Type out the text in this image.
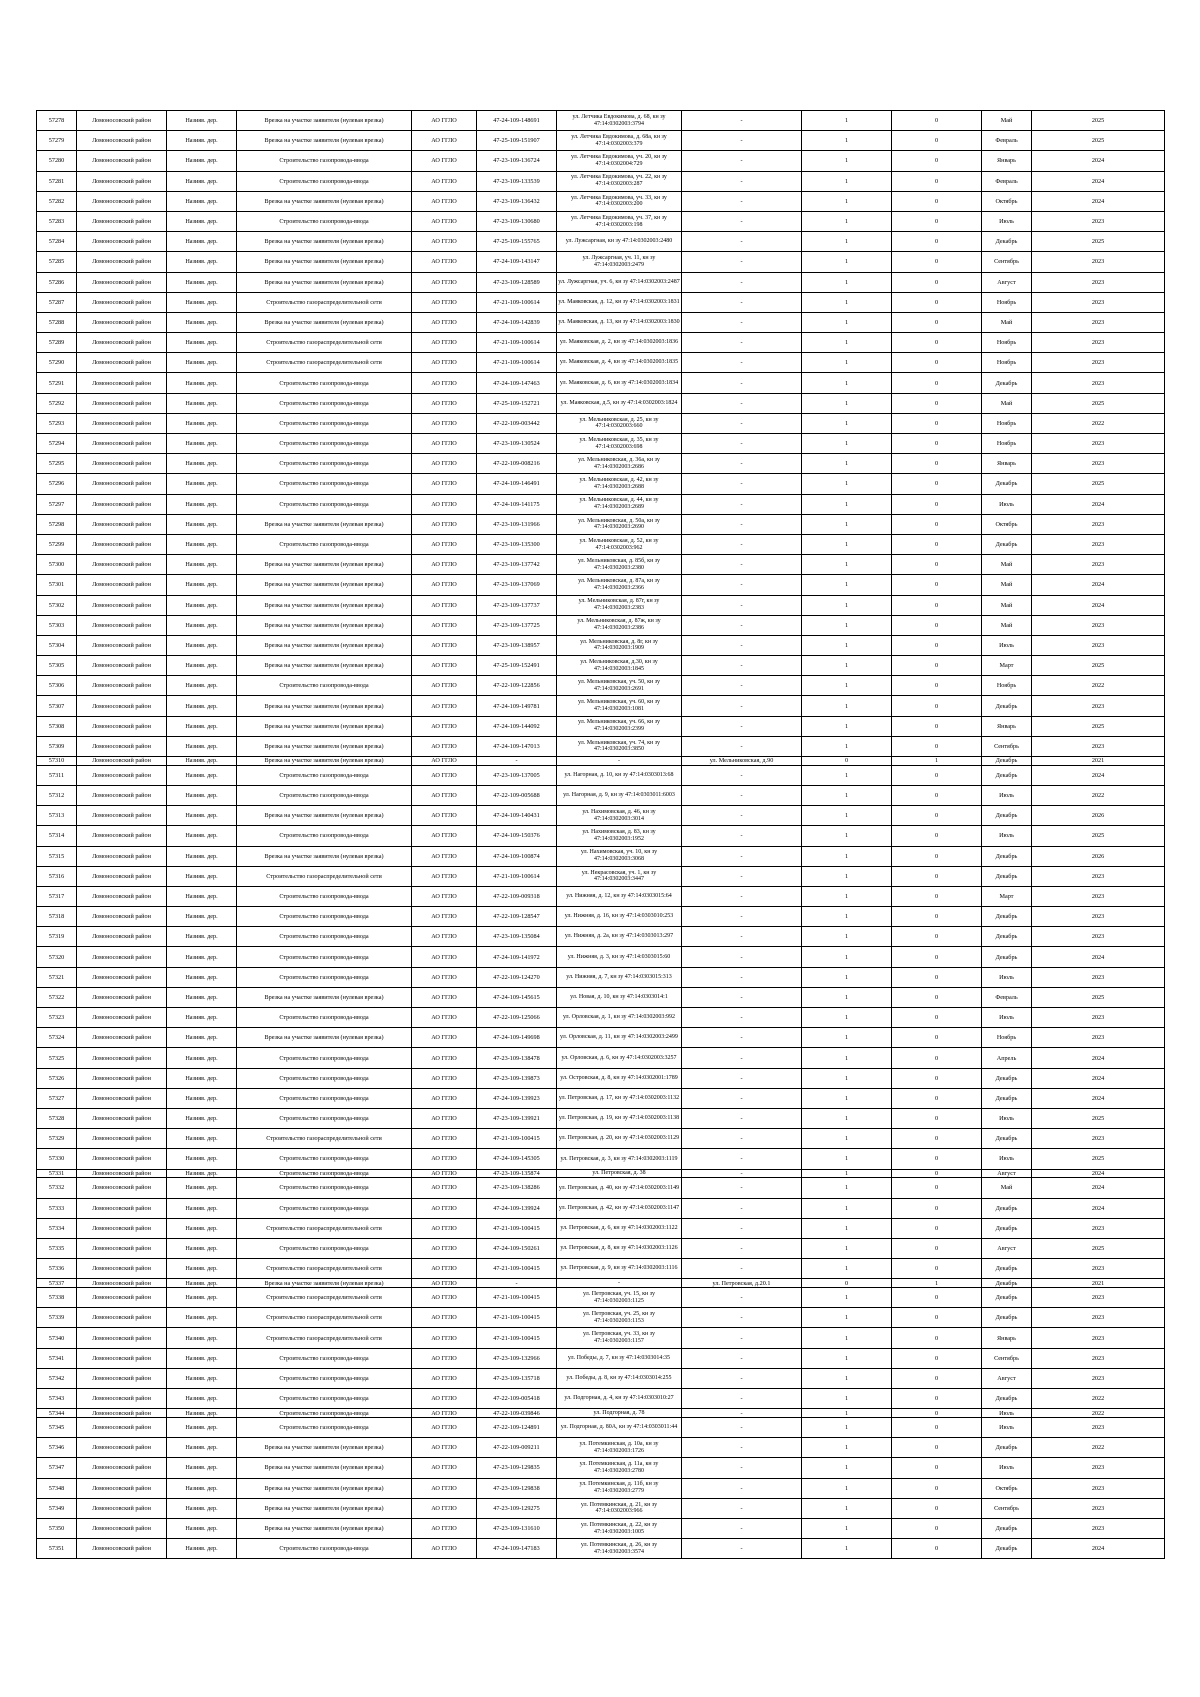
57278	Ломоносовский район	Назияв. дер.	Врезка на участке заявителя (нулевая врезка)	АО ГГЛО	47-24-109-148691	ул. Летчика Евдокимова, д. 68, кн зу 47:14:0302003:3794	-	1	0	Май	2025
57279	Ломоносовский район	Назияв. дер.	Врезка на участке заявителя (нулевая врезка)	АО ГГЛО	47-25-109-151907	ул. Летчика Евдокимова, д. 68а, кн зу 47:14:0302003:379	-	1	0	Февраль	2025
57280	Ломоносовский район	Назияв. дер.	Строительство газопровода-ввода	АО ГГЛО	47-23-109-136724	ул. Летчика Евдокимова, уч. 20, кн зу 47:14:0302004:729	-	1	0	Январь	2024
57281	Ломоносовский район	Назияв. дер.	Строительство газопровода-ввода	АО ГГЛО	47-23-109-133539	ул. Летчика Евдокимова, уч. 22, кн зу 47:14:0302003:287	-	1	0	Февраль	2024
57282	Ломоносовский район	Назияв. дер.	Врезка на участке заявителя (нулевая врезка)	АО ГГЛО	47-23-109-136432	ул. Летчика Евдокимова, уч. 33, кн зу 47:14:0302003:200	-	1	0	Октябрь	2024
57283	Ломоносовский район	Назияв. дер.	Строительство газопровода-ввода	АО ГГЛО	47-23-109-130680	ул. Летчика Евдокимова, уч. 37, кн зу 47:14:0302003:198	-	1	0	Июль	2023
57284	Ломоносовский район	Назияв. дер.	Врезка на участке заявителя (нулевая врезка)	АО ГГЛО	47-25-109-155765	ул. Лужсаргная, кн зу 47:14:0302003:2480	-	1	0	Декабрь	2025
57285	Ломоносовский район	Назияв. дер.	Врезка на участке заявителя (нулевая врезка)	АО ГГЛО	47-24-109-143147	ул. Лужсаргная, уч. 11, кн зу 47:14:0302003:2479	-	1	0	Сентябрь	2023
57286	Ломоносовский район	Назияв. дер.	Врезка на участке заявителя (нулевая врезка)	АО ГГЛО	47-23-109-128589	ул. Лужсаргная, уч. 6, кн зу 47:14:0302003:2487	-	1	0	Август	2023
57287	Ломоносовский район	Назияв. дер.	Строительство газораспределительной сети	АО ГГЛО	47-21-109-100614	ул. Маяковская, д. 12, кн зу 47:14:0302003:1831	-	1	0	Ноябрь	2023
57288	Ломоносовский район	Назияв. дер.	Врезка на участке заявителя (нулевая врезка)	АО ГГЛО	47-24-109-142839	ул. Маяковская, д. 13, кн зу 47:14:0302003:1830	-	1	0	Май	2023
57289	Ломоносовский район	Назияв. дер.	Строительство газораспределительной сети	АО ГГЛО	47-21-109-100614	ул. Маяковская, д. 2, кн зу 47:14:0302003:1836	-	1	0	Ноябрь	2023
57290	Ломоносовский район	Назияв. дер.	Строительство газораспределительной сети	АО ГГЛО	47-21-109-100614	ул. Маяковская, д. 4, кн зу 47:14:0302003:1835	-	1	0	Ноябрь	2023
57291	Ломоносовский район	Назияв. дер.	Строительство газопровода-ввода	АО ГГЛО	47-24-109-147463	ул. Маяковская, д. 6, кн зу 47:14:0302003:1834	-	1	0	Декабрь	2023
57292	Ломоносовский район	Назияв. дер.	Строительство газопровода-ввода	АО ГГЛО	47-25-109-152721	ул. Маяковская, д.5, кн зу 47:14:0302003:1824	-	1	0	Май	2025
57293	Ломоносовский район	Назияв. дер.	Строительство газопровода-ввода	АО ГГЛО	47-22-109-003442	ул. Мельниковская, д. 25, кн зу 47:14:0302003:660	-	1	0	Ноябрь	2022
57294	Ломоносовский район	Назияв. дер.	Строительство газопровода-ввода	АО ГГЛО	47-23-109-130524	ул. Мельниковская, д. 35, кн зу 47:14:0302003:698	-	1	0	Ноябрь	2023
57295	Ломоносовский район	Назияв. дер.	Строительство газопровода-ввода	АО ГГЛО	47-22-109-008216	ул. Мельниковская, д. 36а, кн зу 47:14:0302003:2686	-	1	0	Январь	2023
57296	Ломоносовский район	Назияв. дер.	Строительство газопровода-ввода	АО ГГЛО	47-24-109-146491	ул. Мельниковская, д. 42, кн зу 47:14:0302003:2688	-	1	0	Декабрь	2025
57297	Ломоносовский район	Назияв. дер.	Строительство газопровода-ввода	АО ГГЛО	47-24-109-141175	ул. Мельниковская, д. 44, кн зу 47:14:0302003:2689	-	1	0	Июль	2024
57298	Ломоносовский район	Назияв. дер.	Врезка на участке заявителя (нулевая врезка)	АО ГГЛО	47-23-109-131966	ул. Мельниковская, д. 50а, кн зу 47:14:0302003:2690	-	1	0	Октябрь	2023
57299	Ломоносовский район	Назияв. дер.	Строительство газопровода-ввода	АО ГГЛО	47-23-109-135300	ул. Мельниковская, д. 52, кн зу 47:14:0302003:962	-	1	0	Декабрь	2023
57300	Ломоносовский район	Назияв. дер.	Врезка на участке заявителя (нулевая врезка)	АО ГГЛО	47-23-109-137742	ул. Мельниковская, д. 85б, кн зу 47:14:0302003:2380	-	1	0	Май	2023
57301	Ломоносовский район	Назияв. дер.	Врезка на участке заявителя (нулевая врезка)	АО ГГЛО	47-23-109-137069	ул. Мельниковская, д. 87а, кн зу 47:14:0302003:2366	-	1	0	Май	2024
57302	Ломоносовский район	Назияв. дер.	Врезка на участке заявителя (нулевая врезка)	АО ГГЛО	47-23-109-137737	ул. Мельниковская, д. 87г, кн зу 47:14:0302003:2383	-	1	0	Май	2024
57303	Ломоносовский район	Назияв. дер.	Врезка на участке заявителя (нулевая врезка)	АО ГГЛО	47-23-109-137725	ул. Мельниковская, д. 87ж, кн зу 47:14:0302003:2386	-	1	0	Май	2023
57304	Ломоносовский район	Назияв. дер.	Врезка на участке заявителя (нулевая врезка)	АО ГГЛО	47-23-109-138957	ул. Мельниковская, д. 8г, кн зу 47:14:0302003:1909	-	1	0	Июль	2023
57305	Ломоносовский район	Назияв. дер.	Врезка на участке заявителя (нулевая врезка)	АО ГГЛО	47-25-109-152491	ул. Мельниковская, д.30, кн зу 47:14:0302003:1845	-	1	0	Март	2025
57306	Ломоносовский район	Назияв. дер.	Строительство газопровода-ввода	АО ГГЛО	47-22-109-122856	ул. Мельниковская, уч. 50, кн зу 47:14:0302003:2691	-	1	0	Ноябрь	2022
57307	Ломоносовский район	Назияв. дер.	Врезка на участке заявителя (нулевая врезка)	АО ГГЛО	47-24-109-149781	ул. Мельниковская, уч. 60, кн зу 47:14:0302003:1081	-	1	0	Декабрь	2023
57308	Ломоносовский район	Назияв. дер.	Врезка на участке заявителя (нулевая врезка)	АО ГГЛО	47-24-109-144092	ул. Мельниковская, уч. 66, кн зу 47:14:0302003:2399	-	1	0	Январь	2025
57309	Ломоносовский район	Назияв. дер.	Врезка на участке заявителя (нулевая врезка)	АО ГГЛО	47-24-109-147013	ул. Мельниковская, уч. 74, кн зу 47:14:0302003:3850	-	1	0	Сентябрь	2023
57310	Ломоносовский район	Назияв. дер.	Врезка на участке заявителя (нулевая врезка)	АО ГГЛО	-	-	ул. Мельниковская, д.90	0	1	Декабрь	2021
57311	Ломоносовский район	Назияв. дер.	Строительство газопровода-ввода	АО ГГЛО	47-23-109-137005	ул. Нагорная, д. 10, кн зу 47:14:0303013:68	-	1	0	Декабрь	2024
57312	Ломоносовский район	Назияв. дер.	Строительство газопровода-ввода	АО ГГЛО	47-22-109-005688	ул. Нагорная, д. 9, кн зу 47:14:0303011:6003	-	1	0	Июль	2022
57313	Ломоносовский район	Назияв. дер.	Врезка на участке заявителя (нулевая врезка)	АО ГГЛО	47-24-109-140431	ул. Нахимовская, д. 46, кн зу 47:14:0302003:3014	-	1	0	Декабрь	2026
57314	Ломоносовский район	Назияв. дер.	Строительство газопровода-ввода	АО ГГЛО	47-24-109-150376	ул. Нахимовская, д. 83, кн зу 47:14:0302003:1952	-	1	0	Июль	2025
57315	Ломоносовский район	Назияв. дер.	Врезка на участке заявителя (нулевая врезка)	АО ГГЛО	47-24-109-100874	ул. Нахимовская, уч. 10, кн зу 47:14:0302003:3068	-	1	0	Декабрь	2026
57316	Ломоносовский район	Назияв. дер.	Строительство газораспределительной сети	АО ГГЛО	47-21-109-100614	ул. Некрасовская, уч. 1, кн зу 47:14:0302003:3447	-	1	0	Декабрь	2023
57317	Ломоносовский район	Назияв. дер.	Строительство газопровода-ввода	АО ГГЛО	47-22-109-009318	ул. Нижняя, д. 12, кн зу 47:14:0303015:64	-	1	0	Март	2023
57318	Ломоносовский район	Назияв. дер.	Строительство газопровода-ввода	АО ГГЛО	47-22-109-128547	ул. Нижняя, д. 16, кн зу 47:14:0303010:253	-	1	0	Декабрь	2023
57319	Ломоносовский район	Назияв. дер.	Строительство газопровода-ввода	АО ГГЛО	47-23-109-135084	ул. Нижняя, д. 2а, кн зу 47:14:0303013:297	-	1	0	Декабрь	2023
57320	Ломоносовский район	Назияв. дер.	Строительство газопровода-ввода	АО ГГЛО	47-24-109-141972	ул. Нижняя, д. 3, кн зу 47:14:0303015:60	-	1	0	Декабрь	2024
57321	Ломоносовский район	Назияв. дер.	Строительство газопровода-ввода	АО ГГЛО	47-22-109-124270	ул. Нижняя, д. 7, кн зу 47:14:0303015:313	-	1	0	Июль	2023
57322	Ломоносовский район	Назияв. дер.	Врезка на участке заявителя (нулевая врезка)	АО ГГЛО	47-24-109-145615	ул. Новая, д. 10, кн зу 47:14:0303014:1	-	1	0	Февраль	2025
57323	Ломоносовский район	Назияв. дер.	Строительство газопровода-ввода	АО ГГЛО	47-22-109-125066	ул. Орловская, д. 1, кн зу 47:14:0302003:992	-	1	0	Июль	2023
57324	Ломоносовский район	Назияв. дер.	Врезка на участке заявителя (нулевая врезка)	АО ГГЛО	47-24-109-149698	ул. Орловская, д. 11, кн зу 47:14:0302003:2499	-	1	0	Ноябрь	2023
57325	Ломоносовский район	Назияв. дер.	Строительство газопровода-ввода	АО ГГЛО	47-23-109-138478	ул. Орловская, д. 6, кн зу 47:14:0302003:3257	-	1	0	Апрель	2024
57326	Ломоносовский район	Назияв. дер.	Строительство газопровода-ввода	АО ГГЛО	47-23-109-139873	ул. Островская, д. 8, кн зу 47:14:0302001:1789	-	1	0	Декабрь	2024
57327	Ломоносовский район	Назияв. дер.	Строительство газопровода-ввода	АО ГГЛО	47-24-109-139923	ул. Петровская, д. 17, кн зу 47:14:0302003:1132	-	1	0	Декабрь	2024
57328	Ломоносовский район	Назияв. дер.	Строительство газопровода-ввода	АО ГГЛО	47-23-109-139921	ул. Петровская, д. 19, кн зу 47:14:0302003:1138	-	1	0	Июль	2025
57329	Ломоносовский район	Назияв. дер.	Строительство газораспределительной сети	АО ГГЛО	47-21-109-100415	ул. Петровская, д. 20, кн зу 47:14:0302003:1129	-	1	0	Декабрь	2023
57330	Ломоносовский район	Назияв. дер.	Строительство газопровода-ввода	АО ГГЛО	47-24-109-145305	ул. Петровская, д. 3, кн зу 47:14:0302003:1119	-	1	0	Июль	2025
57331	Ломоносовский район	Назияв. дер.	Строительство газопровода-ввода	АО ГГЛО	47-23-109-135874	ул. Петровская, д. 38	-	1	0	Август	2024
57332	Ломоносовский район	Назияв. дер.	Строительство газопровода-ввода	АО ГГЛО	47-23-109-138286	ул. Петровская, д. 40, кн зу 47:14:0302003:1149	-	1	0	Май	2024
57333	Ломоносовский район	Назияв. дер.	Строительство газопровода-ввода	АО ГГЛО	47-24-109-139924	ул. Петровская, д. 42, кн зу 47:14:0302003:1147	-	1	0	Декабрь	2024
57334	Ломоносовский район	Назияв. дер.	Строительство газораспределительной сети	АО ГГЛО	47-21-109-100415	ул. Петровская, д. 6, кн зу 47:14:0302003:1122	-	1	0	Декабрь	2023
57335	Ломоносовский район	Назияв. дер.	Строительство газопровода-ввода	АО ГГЛО	47-24-109-150261	ул. Петровская, д. 8, кн зу 47:14:0302003:1126	-	1	0	Август	2025
57336	Ломоносовский район	Назияв. дер.	Строительство газораспределительной сети	АО ГГЛО	47-21-109-100415	ул. Петровская, д. 9, кн зу 47:14:0302003:1116	-	1	0	Декабрь	2023
57337	Ломоносовский район	Назияв. дер.	Врезка на участке заявителя (нулевая врезка)	АО ГГЛО	-	-	ул. Петровская, д.20.1	0	1	Декабрь	2021
57338	Ломоносовский район	Назияв. дер.	Строительство газораспределительной сети	АО ГГЛО	47-21-109-100415	ул. Петровская, уч. 15, кн зу 47:14:0302003:1125	-	1	0	Декабрь	2023
57339	Ломоносовский район	Назияв. дер.	Строительство газораспределительной сети	АО ГГЛО	47-21-109-100415	ул. Петровская, уч. 25, кн зу 47:14:0302003:1153	-	1	0	Декабрь	2023
57340	Ломоносовский район	Назияв. дер.	Строительство газораспределительной сети	АО ГГЛО	47-21-109-100415	ул. Петровская, уч. 33, кн зу 47:14:0302003:1157	-	1	0	Январь	2023
57341	Ломоносовский район	Назияв. дер.	Строительство газопровода-ввода	АО ГГЛО	47-23-109-132966	ул. Победы, д. 7, кн зу 47:14:0303014:35	-	1	0	Сентябрь	2023
57342	Ломоносовский район	Назияв. дер.	Строительство газопровода-ввода	АО ГГЛО	47-23-109-135718	ул. Победы, д. 8, кн зу 47:14:0303014:255	-	1	0	Август	2023
57343	Ломоносовский район	Назияв. дер.	Строительство газопровода-ввода	АО ГГЛО	47-22-109-005418	ул. Подгорная, д. 4, кн зу 47:14:0303010:27	-	1	0	Декабрь	2022
57344	Ломоносовский район	Назияв. дер.	Строительство газопровода-ввода	АО ГГЛО	47-22-109-039846	ул. Подгорная, д. 78	-	1	0	Июль	2022
57345	Ломоносовский район	Назияв. дер.	Строительство газопровода-ввода	АО ГГЛО	47-22-109-124891	ул. Подгорная, д. 80А, кн зу 47:14:0303011:44	-	1	0	Июль	2023
57346	Ломоносовский район	Назияв. дер.	Врезка на участке заявителя (нулевая врезка)	АО ГГЛО	47-22-109-009211	ул. Потемкинская, д. 10а, кн зу 47:14:0302003:1726	-	1	0	Декабрь	2022
57347	Ломоносовский район	Назияв. дер.	Врезка на участке заявителя (нулевая врезка)	АО ГГЛО	47-23-109-129835	ул. Потемкинская, д. 11а, кн зу 47:14:0302003:2780	-	1	0	Июль	2023
57348	Ломоносовский район	Назияв. дер.	Врезка на участке заявителя (нулевая врезка)	АО ГГЛО	47-23-109-129838	ул. Потемкинская, д. 11б, кн зу 47:14:0302003:2779	-	1	0	Октябрь	2023
57349	Ломоносовский район	Назияв. дер.	Врезка на участке заявителя (нулевая врезка)	АО ГГЛО	47-23-109-129275	ул. Потемкинская, д. 21, кн зу 47:14:0302003:966	-	1	0	Сентябрь	2023
57350	Ломоносовский район	Назияв. дер.	Врезка на участке заявителя (нулевая врезка)	АО ГГЛО	47-23-109-131610	ул. Потемкинская, д. 22, кн зу 47:14:0302003:1005	-	1	0	Декабрь	2023
57351	Ломоносовский район	Назияв. дер.	Строительство газопровода-ввода	АО ГГЛО	47-24-109-147183	ул. Потемкинская, д. 26, кн зу 47:14:0302003:3574	-	1	0	Декабрь	2024
